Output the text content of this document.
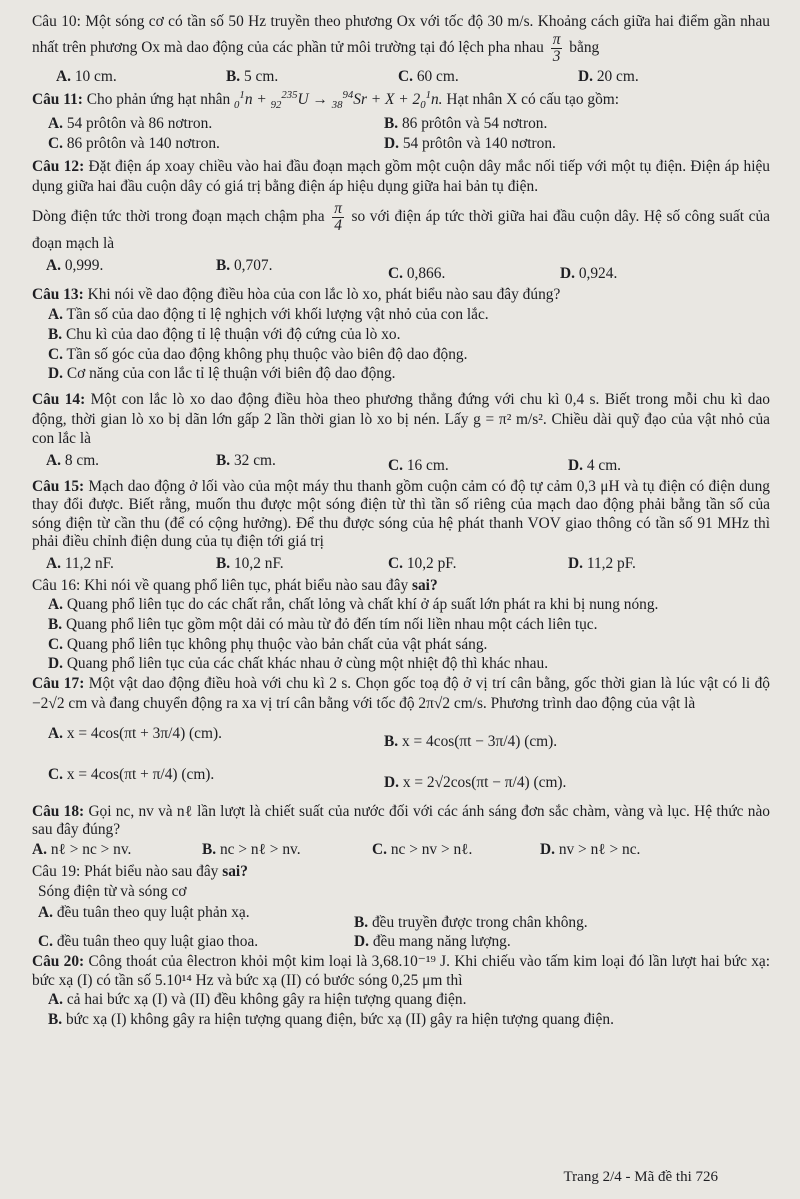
Câu 10: Một sóng cơ có tần số 50 Hz truyền theo phương Ox với tốc độ 30 m/s. Khoảng cách giữa hai điểm gần nhau nhất trên phương Ox mà dao động của các phần tử môi trường tại đó lệch pha nhau $\frac{\pi}{3}$ bằng

A. 10 cm.	B. 5 cm.	C. 60 cm.	D. 20 cm.

Câu 11: Cho phản ứng hạt nhân $_0^1n + _{92}^{235}U \to _{38}^{94}Sr + X + 2_0^1n$. Hạt nhân X có cấu tạo gồm:

A. 54 prôtôn và 86 nơtron.	B. 86 prôtôn và 54 nơtron.
C. 86 prôtôn và 140 nơtron.	D. 54 prôtôn và 140 nơtron.

Câu 12: Đặt điện áp xoay chiều vào hai đầu đoạn mạch gồm một cuộn dây mắc nối tiếp với một tụ điện. Điện áp hiệu dụng giữa hai đầu cuộn dây có giá trị bằng điện áp hiệu dụng giữa hai bản tụ điện.

Dòng điện tức thời trong đoạn mạch chậm pha $\frac{\pi}{4}$ so với điện áp tức thời giữa hai đầu cuộn dây. Hệ số công suất của đoạn mạch là

A. 0,999.	B. 0,707.	C. 0,866.	D. 0,924.

Câu 13: Khi nói về dao động điều hòa của con lắc lò xo, phát biểu nào sau đây đúng?

A. Tần số của dao động tỉ lệ nghịch với khối lượng vật nhỏ của con lắc.

B. Chu kì của dao động tỉ lệ thuận với độ cứng của lò xo.

C. Tần số góc của dao động không phụ thuộc vào biên độ dao động.

D. Cơ năng của con lắc tỉ lệ thuận với biên độ dao động.

Câu 14: Một con lắc lò xo dao động điều hòa theo phương thẳng đứng với chu kì 0,4 s. Biết trong mỗi chu kì dao động, thời gian lò xo bị dãn lớn gấp 2 lần thời gian lò xo bị nén. Lấy g = π² m/s². Chiều dài quỹ đạo của vật nhỏ của con lắc là

A. 8 cm.	B. 32 cm.	C. 16 cm.	D. 4 cm.

Câu 15: Mạch dao động ở lối vào của một máy thu thanh gồm cuộn cảm có độ tự cảm 0,3 μH và tụ điện có điện dung thay đổi được. Biết rằng, muốn thu được một sóng điện từ thì tần số riêng của mạch dao động phải bằng tần số của sóng điện từ cần thu (để có cộng hưởng). Để thu được sóng của hệ phát thanh VOV giao thông có tần số 91 MHz thì phải điều chỉnh điện dung của tụ điện tới giá trị

A. 11,2 nF.	B. 10,2 nF.	C. 10,2 pF.	D. 11,2 pF.

Câu 16: Khi nói về quang phổ liên tục, phát biểu nào sau đây sai?

A. Quang phổ liên tục do các chất rắn, chất lỏng và chất khí ở áp suất lớn phát ra khi bị nung nóng.

B. Quang phổ liên tục gồm một dải có màu từ đỏ đến tím nối liền nhau một cách liên tục.

C. Quang phổ liên tục không phụ thuộc vào bản chất của vật phát sáng.

D. Quang phổ liên tục của các chất khác nhau ở cùng một nhiệt độ thì khác nhau.

Câu 17: Một vật dao động điều hoà với chu kì 2 s. Chọn gốc toạ độ ở vị trí cân bằng, gốc thời gian là lúc vật có li độ −2√2 cm và đang chuyển động ra xa vị trí cân bằng với tốc độ 2π√2 cm/s. Phương trình dao động của vật là

A. x = 4cos(πt + 3π/4) (cm).	B. x = 4cos(πt − 3π/4) (cm).
C. x = 4cos(πt + π/4) (cm).	D. x = 2√2cos(πt − π/4) (cm).

Câu 18: Gọi nc, nv và nℓ lần lượt là chiết suất của nước đối với các ánh sáng đơn sắc chàm, vàng và lục. Hệ thức nào sau đây đúng?

A. nℓ > nc > nv.	B. nc > nℓ > nv.	C. nc > nv > nℓ.	D. nv > nℓ > nc.

Câu 19: Phát biểu nào sau đây sai?

Sóng điện từ và sóng cơ

A. đều tuân theo quy luật phản xạ.
B. đều truyền được trong chân không.
C. đều tuân theo quy luật giao thoa.	D. đều mang năng lượng.

Câu 20: Công thoát của êlectron khỏi một kim loại là 3,68.10⁻¹⁹ J. Khi chiếu vào tấm kim loại đó lần lượt hai bức xạ: bức xạ (I) có tần số 5.10¹⁴ Hz và bức xạ (II) có bước sóng 0,25 μm thì

A. cả hai bức xạ (I) và (II) đều không gây ra hiện tượng quang điện.

B. bức xạ (I) không gây ra hiện tượng quang điện, bức xạ (II) gây ra hiện tượng quang điện.

Trang 2/4 - Mã đề thi 726
